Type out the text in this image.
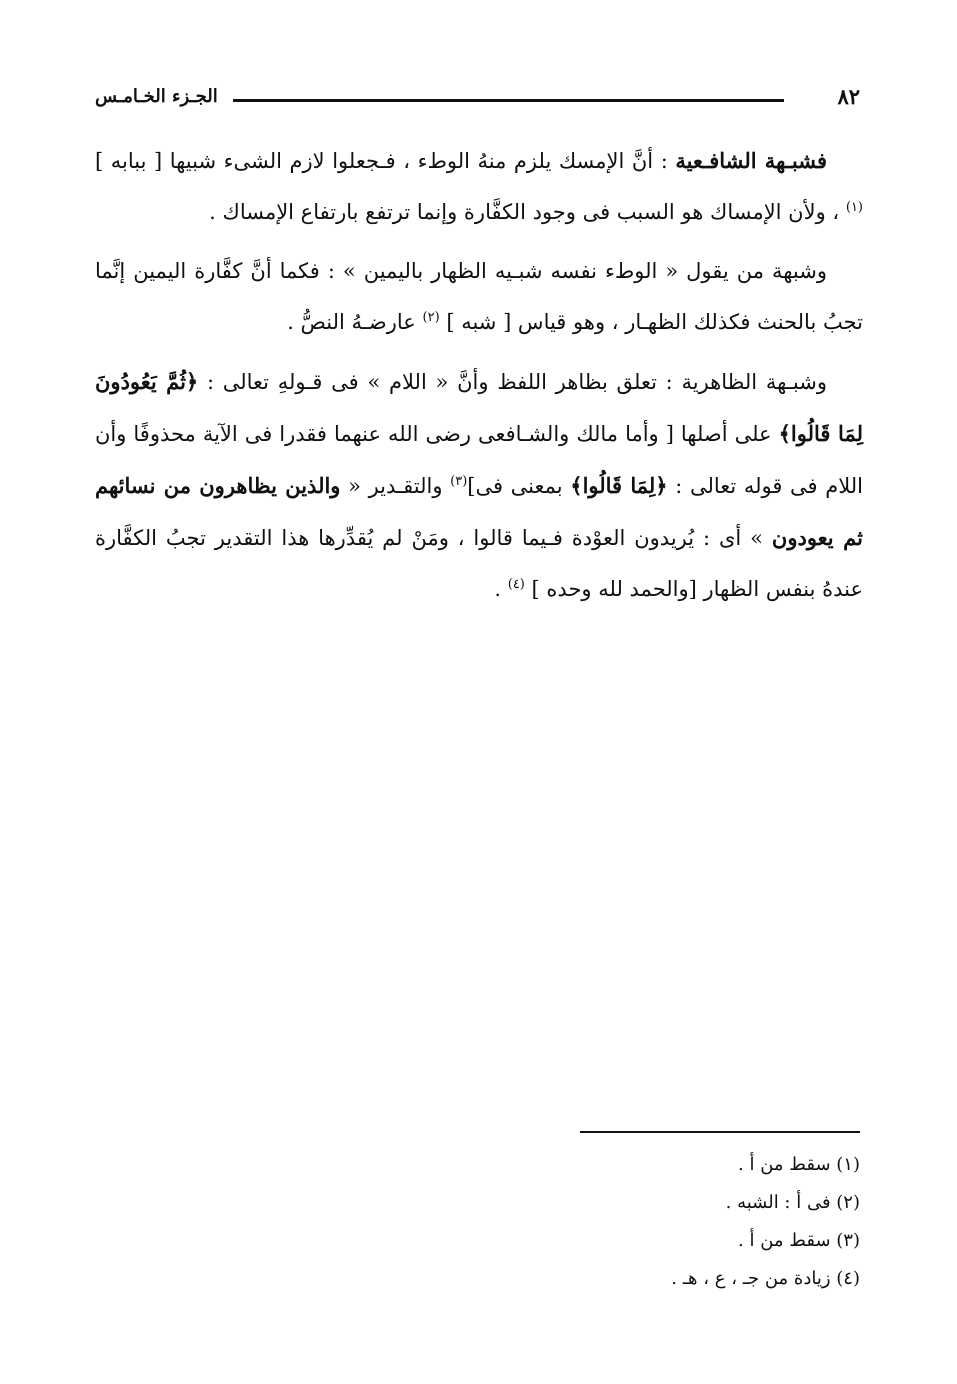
٨٢
الجـزء الخـامـس

فشبـهة الشافـعية : أنَّ الإمسك يلزم منهُ الوطء ، فـجعلوا لازم الشىء شبيها [ ببابه ] $^{(١)}$ ، ولأن الإمساك هو السبب فى وجود الكفَّارة وإنما ترتفع بارتفاع الإمساك .

وشبهة من يقول « الوطء نفسه شبـيه الظهار باليمين » : فكما أنَّ كفَّارة اليمين إنَّما تجبُ بالحنث فكذلك الظهـار ، وهو قياس [ شبه ] $^{(٢)}$ عارضـهُ النصُّ .

وشبـهة الظاهرية : تعلق بظاهر اللفظ وأنَّ « اللام » فى قـولهِ تعالى : ﴿ثُمَّ يَعُودُونَ لِمَا قَالُوا﴾ على أصلها [ وأما مالك والشـافعى رضى الله عنهما فقدرا فى الآية محذوفًا وأن اللام فى قوله تعالى : ﴿لِمَا قَالُوا﴾ بمعنى فى]$^{(٣)}$ والتقـدير « والذين يظاهرون من نسائهم ثم يعودون » أى : يُريدون العوْدة فـيما قالوا ، ومَنْ لم يُقدِّرها هذا التقدير تجبُ الكفَّارة عندهُ بنفس الظهار [والحمد لله وحده ] $^{(٤)}$ .

(١) سقط من أ .
(٢) فى أ : الشبه .
(٣) سقط من أ .
(٤) زيادة من جـ ، ع ، هـ .
